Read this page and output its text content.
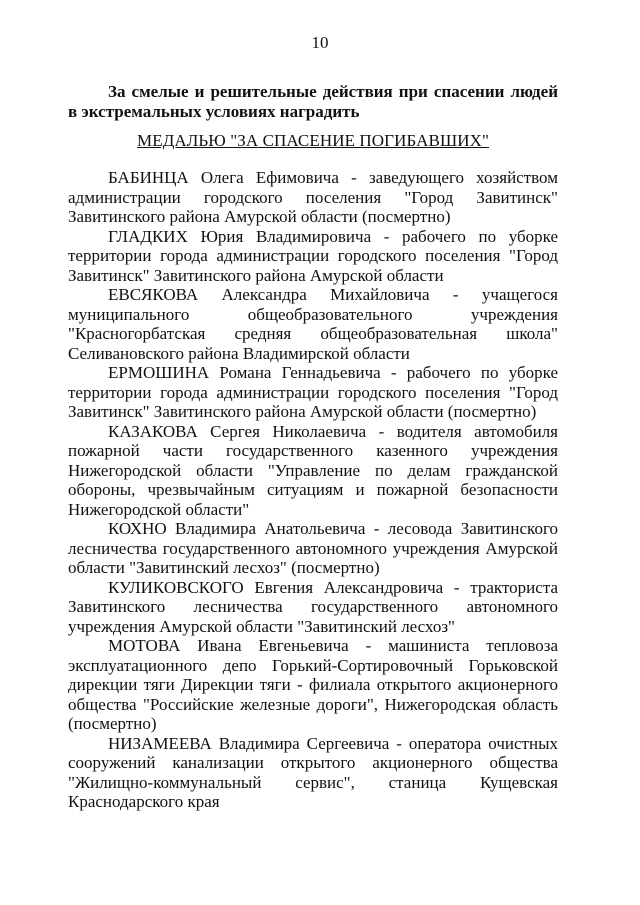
10
За смелые и решительные действия при спасении людей в экстремальных условиях наградить
МЕДАЛЬЮ "ЗА СПАСЕНИЕ ПОГИБАВШИХ"

БАБИНЦА Олега Ефимовича - заведующего хозяйством администрации городского поселения "Город Завитинск" Завитинского района Амурской области (посмертно)

ГЛАДКИХ Юрия Владимировича - рабочего по уборке территории города администрации городского поселения "Город Завитинск" Завитинского района Амурской области

ЕВСЯКОВА Александра Михайловича - учащегося муниципального общеобразовательного учреждения "Красногорбатская средняя общеобразовательная школа" Селивановского района Владимирской области

ЕРМОШИНА Романа Геннадьевича - рабочего по уборке территории города администрации городского поселения "Город Завитинск" Завитинского района Амурской области (посмертно)

КАЗАКОВА Сергея Николаевича - водителя автомобиля пожарной части государственного казенного учреждения Нижегородской области "Управление по делам гражданской обороны, чрезвычайным ситуациям и пожарной безопасности Нижегородской области"

КОХНО Владимира Анатольевича - лесовода Завитинского лесничества государственного автономного учреждения Амурской области "Завитинский лесхоз" (посмертно)

КУЛИКОВСКОГО Евгения Александровича - тракториста Завитинского лесничества государственного автономного учреждения Амурской области "Завитинский лесхоз"

МОТОВА Ивана Евгеньевича - машиниста тепловоза эксплуатационного депо Горький-Сортировочный Горьковской дирекции тяги Дирекции тяги - филиала открытого акционерного общества "Российские железные дороги", Нижегородская область (посмертно)

НИЗАМЕЕВА Владимира Сергеевича - оператора очистных сооружений канализации открытого акционерного общества "Жилищно-коммунальный сервис", станица Кущевская Краснодарского края
